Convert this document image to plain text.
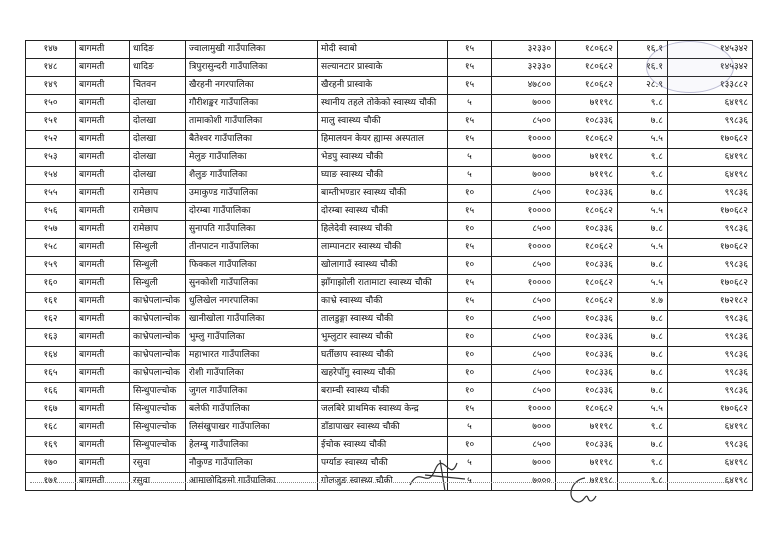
१४७	बागमती	धादिङ	ज्वालामुखी गाउँपालिका	मोदी स्वाबो	१५	३२३३०	१८०६८२	१६.१	१४५३४२
१४८	बागमती	धादिङ	त्रिपुरासुन्दरी गाउँपालिका	सल्यानटार प्रास्वाके	१५	३२३३०	१८०६८२	१६.१	१४५३४२
१४९	बागमती	चितवन	खैरहनी नगरपालिका	खैरहनी प्रास्वाके	१५	४७८००	१८०६८२	२८.९	१३३८८२
१५०	बागमती	दोलखा	गौरीशङ्कर गाउँपालिका	स्थानीय तहले तोकेको स्वास्थ्य चौकी	५	७०००	७११९८	९.८	६४१९८
१५१	बागमती	दोलखा	तामाकोशी गाउँपालिका	मालु स्वास्थ्य चौकी	१५	८५००	१०८३३६	७.८	९९८३६
१५२	बागमती	दोलखा	बैतेश्वर गाउँपालिका	हिमालयन केयर ह्याम्स अस्पताल	१५	१००००	१८०६८२	५.५	१७०६८२
१५३	बागमती	दोलखा	मेलुङ गाउँपालिका	भेडपु स्वास्थ्य चौकी	५	७०००	७११९८	९.८	६४१९८
१५४	बागमती	दोलखा	शैलुङ गाउँपालिका	घ्याङ स्वास्थ्य चौकी	५	७०००	७११९८	९.८	६४१९८
१५५	बागमती	रामेछाप	उमाकुण्ड गाउँपालिका	बाम्तीभण्डार स्वास्थ्य चौकी	१०	८५००	१०८३३६	७.८	९९८३६
१५६	बागमती	रामेछाप	दोरम्बा गाउँपालिका	दोरम्बा स्वास्थ्य चौकी	१५	१००००	१८०६८२	५.५	१७०६८२
१५७	बागमती	रामेछाप	सुनापति गाउँपालिका	हिलेदेवी स्वास्थ्य चौकी	१०	८५००	१०८३३६	७.८	९९८३६
१५८	बागमती	सिन्धुली	तीनपाटन गाउँपालिका	लाम्पानटार स्वास्थ्य चौकी	१५	१००००	१८०६८२	५.५	१७०६८२
१५९	बागमती	सिन्धुली	फिक्कल गाउँपालिका	खोलागाउँ स्वास्थ्य चौकी	१०	८५००	१०८३३६	७.८	९९८३६
१६०	बागमती	सिन्धुली	सुनकोशी गाउँपालिका	झाँगाझोली रातामाटा स्वास्थ्य चौकी	१५	१००००	१८०६८२	५.५	१७०६८२
१६१	बागमती	काभ्रेपलान्चोक	धुलिखेल नगरपालिका	काभ्रे स्वास्थ्य चौकी	१५	८५००	१८०६८२	४.७	१७२१८२
१६२	बागमती	काभ्रेपलान्चोक	खानीखोला गाउँपालिका	तालडुङ्गा स्वास्थ्य चौकी	१०	८५००	१०८३३६	७.८	९९८३६
१६३	बागमती	काभ्रेपलान्चोक	भुम्लु गाउँपालिका	भुम्लुटार स्वास्थ्य चौकी	१०	८५००	१०८३३६	७.८	९९८३६
१६४	बागमती	काभ्रेपलान्चोक	महाभारत गाउँपालिका	घर्तीछाप स्वास्थ्य चौकी	१०	८५००	१०८३३६	७.८	९९८३६
१६५	बागमती	काभ्रेपलान्चोक	रोशी गाउँपालिका	खहरेपाँगु स्वास्थ्य चौकी	१०	८५००	१०८३३६	७.८	९९८३६
१६६	बागमती	सिन्धुपाल्चोक	जुगल गाउँपालिका	बराम्ची स्वास्थ्य चौकी	१०	८५००	१०८३३६	७.८	९९८३६
१६७	बागमती	सिन्धुपाल्चोक	बलेफी गाउँपालिका	जलबिरे प्राथमिक स्वास्थ्य केन्द्र	१५	१००००	१८०६८२	५.५	१७०६८२
१६८	बागमती	सिन्धुपाल्चोक	लिसंखुपाखर गाउँपालिका	डाँडापाखर स्वास्थ्य चौकी	५	७०००	७११९८	९.८	६४१९८
१६९	बागमती	सिन्धुपाल्चोक	हेलम्बु गाउँपालिका	ईचोक स्वास्थ्य चौकी	१०	८५००	१०८३३६	७.८	९९८३६
१७०	बागमती	रसुवा	नौकुण्ड गाउँपालिका	पर्ग्याङ स्वास्थ्य चौकी	५	७०००	७११९८	९.८	६४१९८
१७१	बागमती	रसुवा	आमाछोदिङमो गाउँपालिका	गोलजुङ स्वास्थ्य चौकी	५	७०००	७११९८	९.८	६४१९८
